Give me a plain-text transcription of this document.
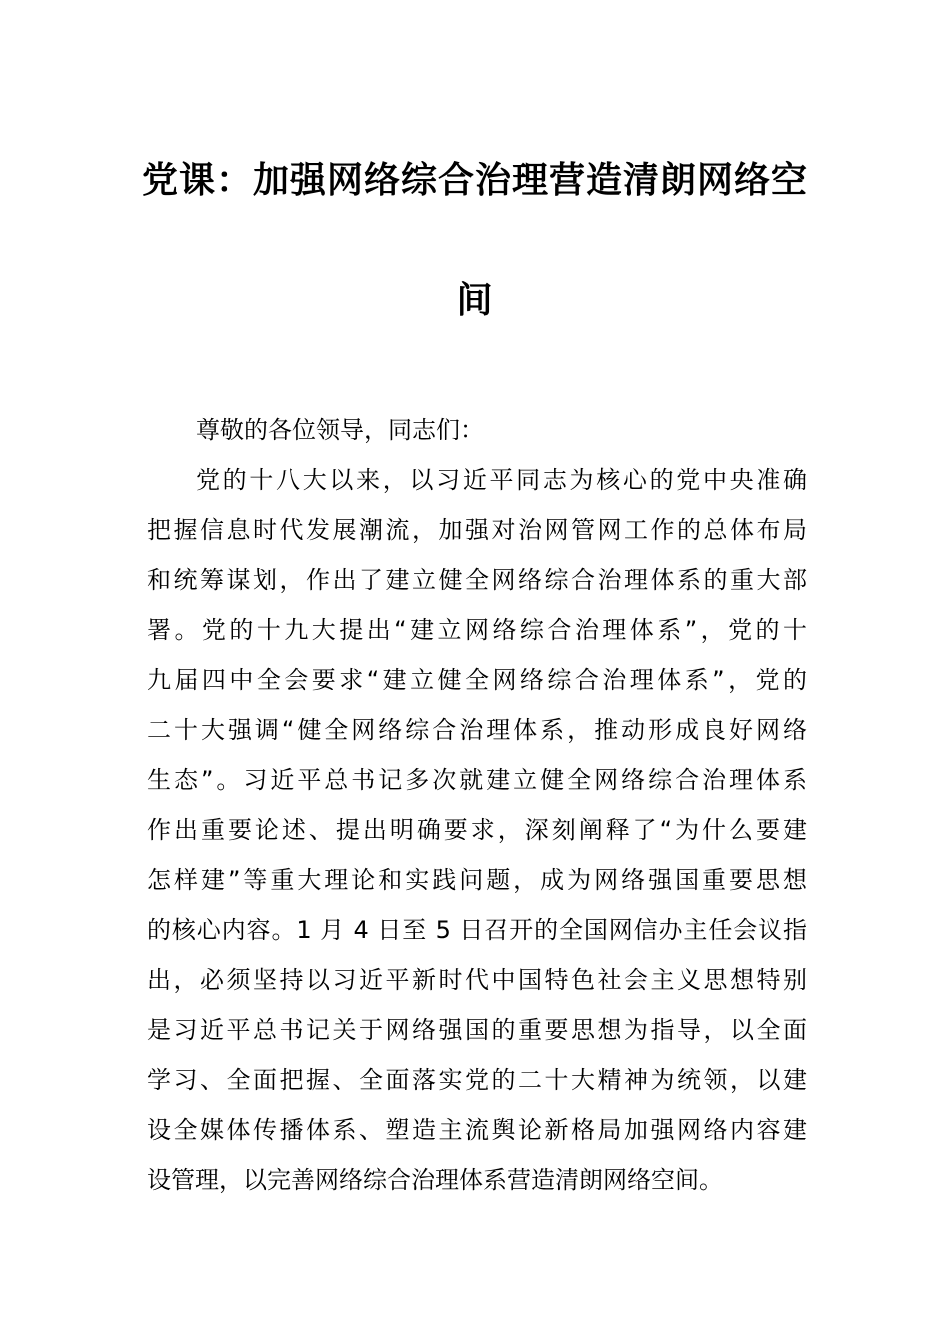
党课：加强网络综合治理营造清朗网络空
间
尊敬的各位领导，同志们：
党的十八大以来，以习近平同志为核心的党中央准确
把握信息时代发展潮流，加强对治网管网工作的总体布局
和统筹谋划，作出了建立健全网络综合治理体系的重大部
署。党的十九大提出“建立网络综合治理体系”，党的十
九届四中全会要求“建立健全网络综合治理体系”，党的
二十大强调“健全网络综合治理体系，推动形成良好网络
生态”。习近平总书记多次就建立健全网络综合治理体系
作出重要论述、提出明确要求，深刻阐释了“为什么要建
怎样建”等重大理论和实践问题，成为网络强国重要思想
的核心内容。1 月 4 日至 5 日召开的全国网信办主任会议指
出，必须坚持以习近平新时代中国特色社会主义思想特别
是习近平总书记关于网络强国的重要思想为指导，以全面
学习、全面把握、全面落实党的二十大精神为统领，以建
设全媒体传播体系、塑造主流舆论新格局加强网络内容建
设管理，以完善网络综合治理体系营造清朗网络空间。
